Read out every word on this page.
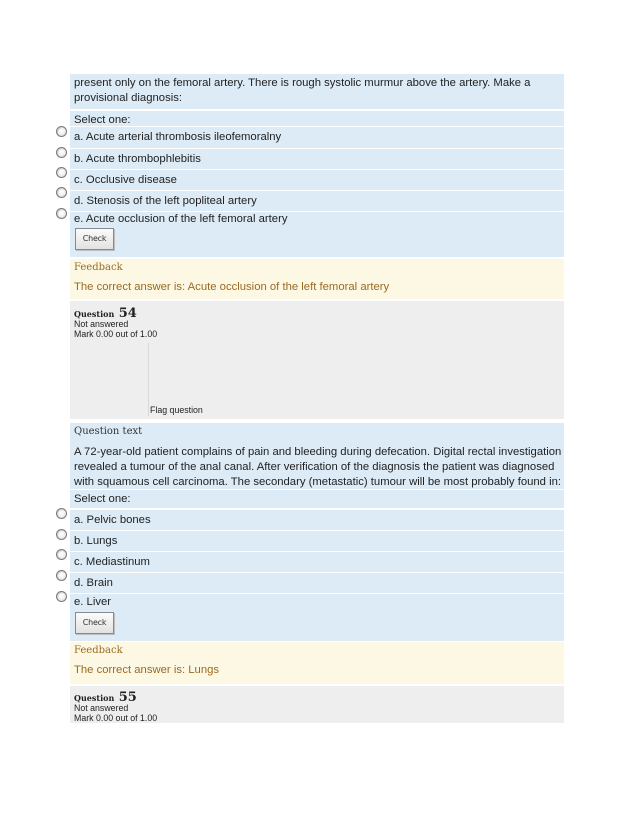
present only on the femoral artery. There is rough systolic murmur above the artery. Make a
provisional diagnosis:
Select one:
a. Acute arterial thrombosis ileofemoralny
b. Acute thrombophlebitis
c. Occlusive disease
d. Stenosis of the left popliteal artery
e. Acute occlusion of the left femoral artery
Check
Feedback
The correct answer is: Acute occlusion of the left femoral artery
Question 54
Not answered
Mark 0.00 out of 1.00
Flag question
Question text
A 72-year-old patient complains of pain and bleeding during defecation. Digital rectal investigation
revealed a tumour of the anal canal. After verification of the diagnosis the patient was diagnosed
with squamous cell carcinoma. The secondary (metastatic) tumour will be most probably found in:
Select one:
a. Pelvic bones
b. Lungs
c. Mediastinum
d. Brain
e. Liver
Check
Feedback
The correct answer is: Lungs
Question 55
Not answered
Mark 0.00 out of 1.00
